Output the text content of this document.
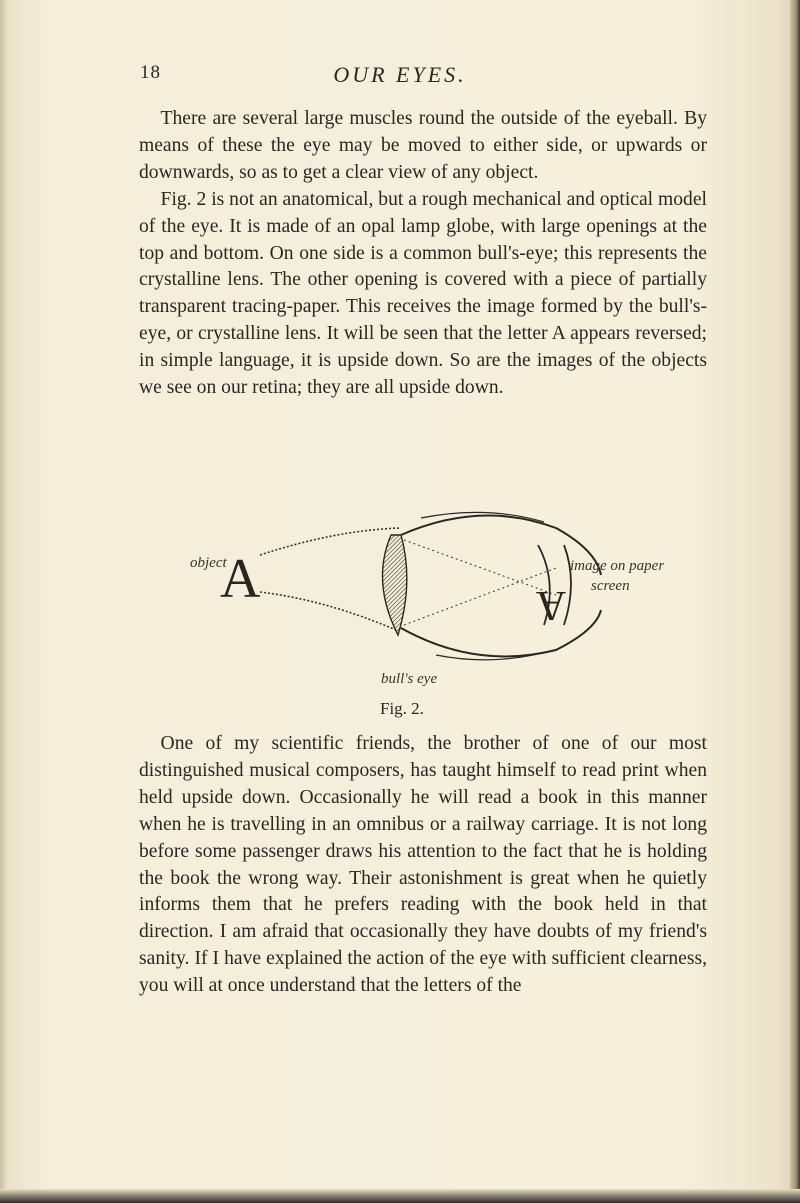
18	OUR EYES.

There are several large muscles round the outside of the eyeball. By means of these the eye may be moved to either side, or upwards or downwards, so as to get a clear view of any object.

Fig. 2 is not an anatomical, but a rough mechanical and optical model of the eye. It is made of an opal lamp globe, with large openings at the top and bottom. On one side is a common bull's-eye; this represents the crystalline lens. The other opening is covered with a piece of partially transparent tracing-paper. This receives the image formed by the bull's-eye, or crystalline lens. It will be seen that the letter A appears reversed; in simple language, it is upside down. So are the images of the objects we see on our retina; they are all upside down.

A	A
object	image on paper
screen
bull's eye
Fig. 2.

One of my scientific friends, the brother of one of our most distinguished musical composers, has taught himself to read print when held upside down. Occasionally he will read a book in this manner when he is travelling in an omnibus or a railway carriage. It is not long before some passenger draws his attention to the fact that he is holding the book the wrong way. Their astonishment is great when he quietly informs them that he prefers reading with the book held in that direction. I am afraid that occasionally they have doubts of my friend's sanity. If I have explained the action of the eye with sufficient clearness, you will at once understand that the letters of the
